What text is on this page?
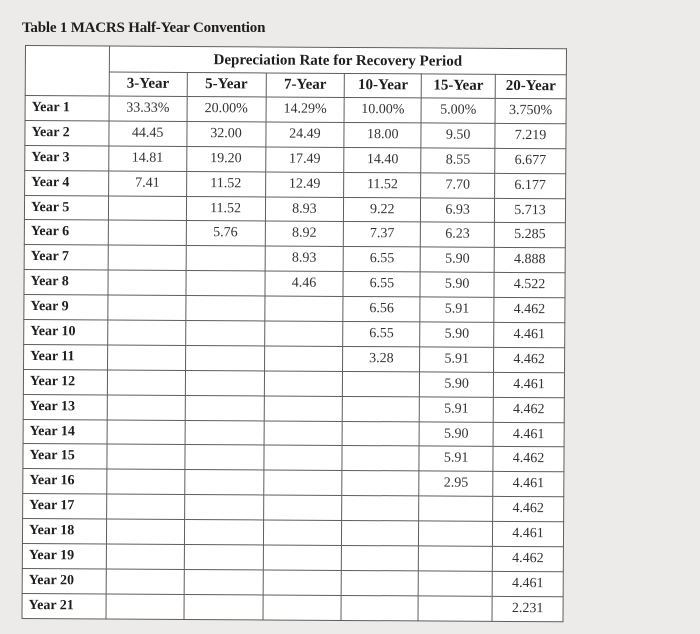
Table 1 MACRS Half-Year Convention
	Depreciation Rate for Recovery Period					
	3-Year	5-Year	7-Year	10-Year	15-Year	20-Year
Year 1	33.33%	20.00%	14.29%	10.00%	5.00%	3.750%
Year 2	44.45	32.00	24.49	18.00	9.50	7.219
Year 3	14.81	19.20	17.49	14.40	8.55	6.677
Year 4	7.41	11.52	12.49	11.52	7.70	6.177
Year 5		11.52	8.93	9.22	6.93	5.713
Year 6		5.76	8.92	7.37	6.23	5.285
Year 7			8.93	6.55	5.90	4.888
Year 8			4.46	6.55	5.90	4.522
Year 9				6.56	5.91	4.462
Year 10				6.55	5.90	4.461
Year 11				3.28	5.91	4.462
Year 12					5.90	4.461
Year 13					5.91	4.462
Year 14					5.90	4.461
Year 15					5.91	4.462
Year 16					2.95	4.461
Year 17						4.462
Year 18						4.461
Year 19						4.462
Year 20						4.461
Year 21						2.231
